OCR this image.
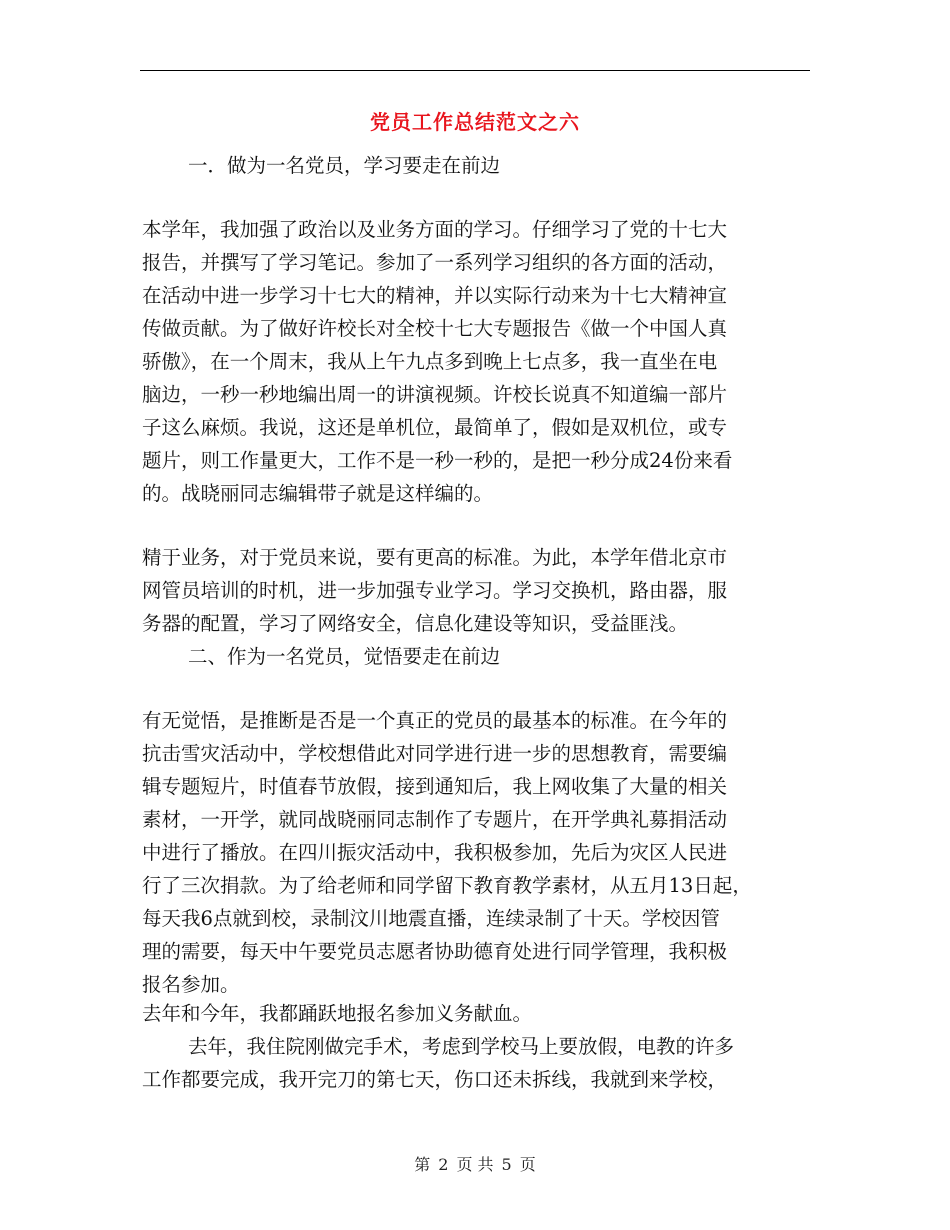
党员工作总结范文之六
一．做为一名党员，学习要走在前边
本学年，我加强了政治以及业务方面的学习。仔细学习了党的十七大
报告，并撰写了学习笔记。参加了一系列学习组织的各方面的活动，
在活动中进一步学习十七大的精神，并以实际行动来为十七大精神宣
传做贡献。为了做好许校长对全校十七大专题报告《做一个中国人真
骄傲》，在一个周末，我从上午九点多到晚上七点多，我一直坐在电
脑边，一秒一秒地编出周一的讲演视频。许校长说真不知道编一部片
子这么麻烦。我说，这还是单机位，最简单了，假如是双机位，或专
题片，则工作量更大，工作不是一秒一秒的，是把一秒分成24份来看
的。战晓丽同志编辑带子就是这样编的。
精于业务，对于党员来说，要有更高的标准。为此，本学年借北京市
网管员培训的时机，进一步加强专业学习。学习交换机，路由器，服
务器的配置，学习了网络安全，信息化建设等知识，受益匪浅。
二、作为一名党员，觉悟要走在前边
有无觉悟，是推断是否是一个真正的党员的最基本的标准。在今年的
抗击雪灾活动中，学校想借此对同学进行进一步的思想教育，需要编
辑专题短片，时值春节放假，接到通知后，我上网收集了大量的相关
素材，一开学，就同战晓丽同志制作了专题片，在开学典礼募捐活动
中进行了播放。在四川振灾活动中，我积极参加，先后为灾区人民进
行了三次捐款。为了给老师和同学留下教育教学素材，从五月13日起，
每天我6点就到校，录制汶川地震直播，连续录制了十天。学校因管
理的需要，每天中午要党员志愿者协助德育处进行同学管理，我积极
报名参加。
去年和今年，我都踊跃地报名参加义务献血。
去年，我住院刚做完手术，考虑到学校马上要放假，电教的许多
工作都要完成，我开完刀的第七天，伤口还未拆线，我就到来学校，
第 2 页 共 5 页
